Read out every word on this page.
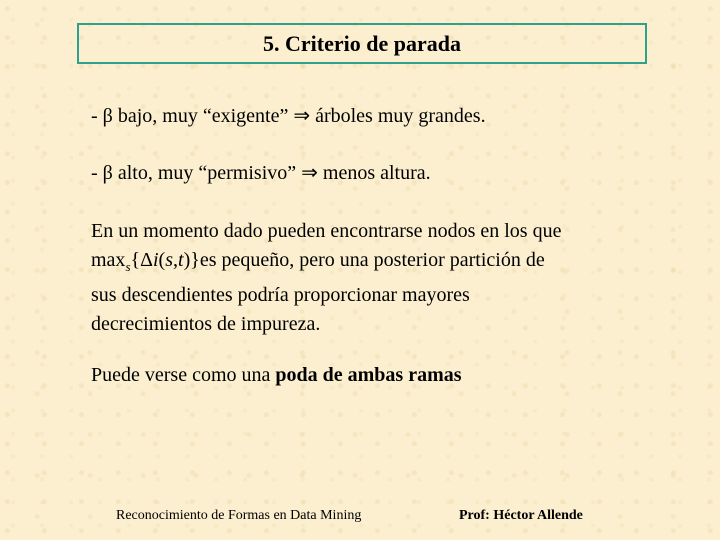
5. Criterio de parada
- β bajo, muy “exigente” ⇒ árboles muy grandes.
- β alto, muy “permisivo” ⇒ menos altura.
En un momento dado pueden encontrarse nodos en los que
$\max_s\{\Delta i(s,t)\}es$ pequeño, pero una posterior partición de
sus descendientes podría proporcionar mayores
decrecimientos de impureza.
Puede verse como una poda de ambas ramas
Reconocimiento de Formas en Data Mining	Prof: Héctor Allende
